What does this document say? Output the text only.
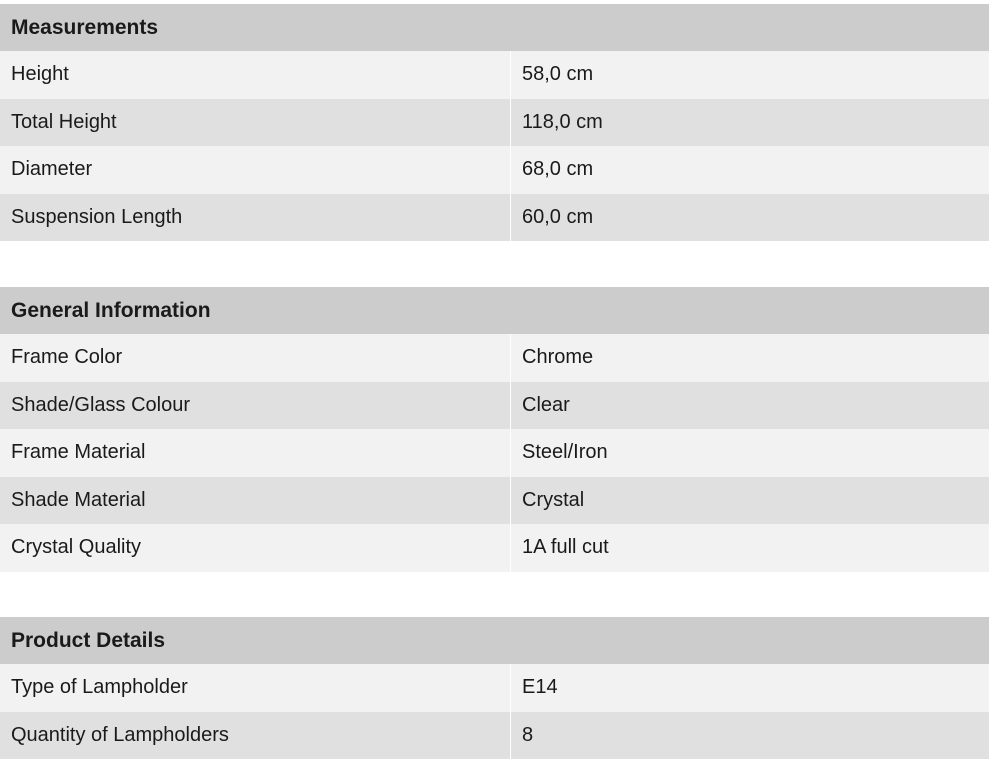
Measurements
Height	58,0 cm
Total Height	118,0 cm
Diameter	68,0 cm
Suspension Length	60,0 cm
General Information
Frame Color	Chrome
Shade/Glass Colour	Clear
Frame Material	Steel/Iron
Shade Material	Crystal
Crystal Quality	1A full cut
Product Details
Type of Lampholder	E14
Quantity of Lampholders	8
